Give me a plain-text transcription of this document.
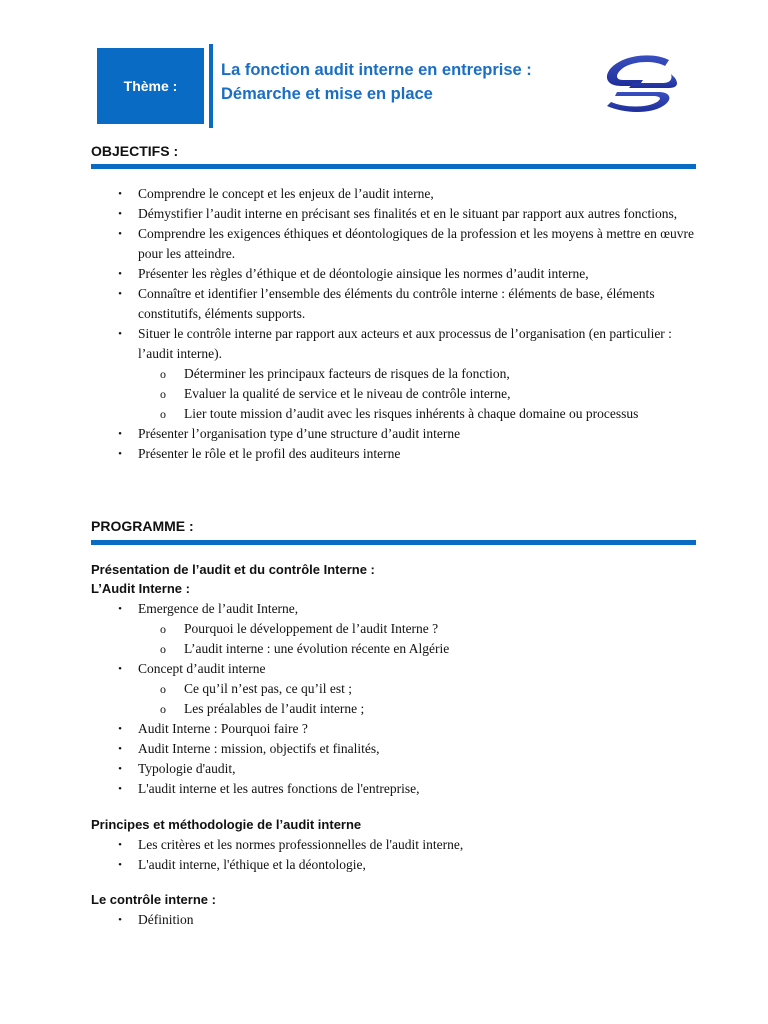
Thème :
La fonction audit interne en entreprise :
Démarche et mise en place
OBJECTIFS :
•	Comprendre le concept et les enjeux de l’audit interne,
•	Démystifier l’audit interne en précisant ses finalités et en le situant par rapport aux autres fonctions,
•	Comprendre les exigences éthiques et déontologiques de la profession et les moyens à mettre en œuvre pour les atteindre.
•	Présenter les règles d’éthique et de déontologie ainsique les normes d’audit interne,
•	Connaître et identifier l’ensemble des éléments du contrôle interne : éléments de base, éléments constitutifs, éléments supports.
•	Situer le contrôle interne par rapport aux acteurs et aux processus de l’organisation (en particulier : l’audit interne).
o Déterminer les principaux facteurs de risques de la fonction,
o Evaluer la qualité de service et le niveau de contrôle interne,
o Lier toute mission d’audit avec les risques inhérents à chaque domaine ou processus
•	Présenter l’organisation type d’une structure d’audit interne
•	Présenter le rôle et le profil des auditeurs interne
PROGRAMME :
Présentation de l’audit et du contrôle Interne :
L’Audit Interne :
•	Emergence de l’audit Interne,
o Pourquoi le développement de l’audit Interne ?
o L’audit interne : une évolution récente en Algérie
•	Concept d’audit interne
o Ce qu’il n’est pas, ce qu’il est ;
o Les préalables de l’audit interne ;
•	Audit Interne : Pourquoi faire ?
•	Audit Interne : mission, objectifs et finalités,
•	Typologie d'audit,
•	L'audit interne et les autres fonctions de l'entreprise,
Principes et méthodologie de l’audit interne
•	Les critères et les normes professionnelles de l'audit interne,
•	L'audit interne, l'éthique et la déontologie,
Le contrôle interne :
•	Définition
